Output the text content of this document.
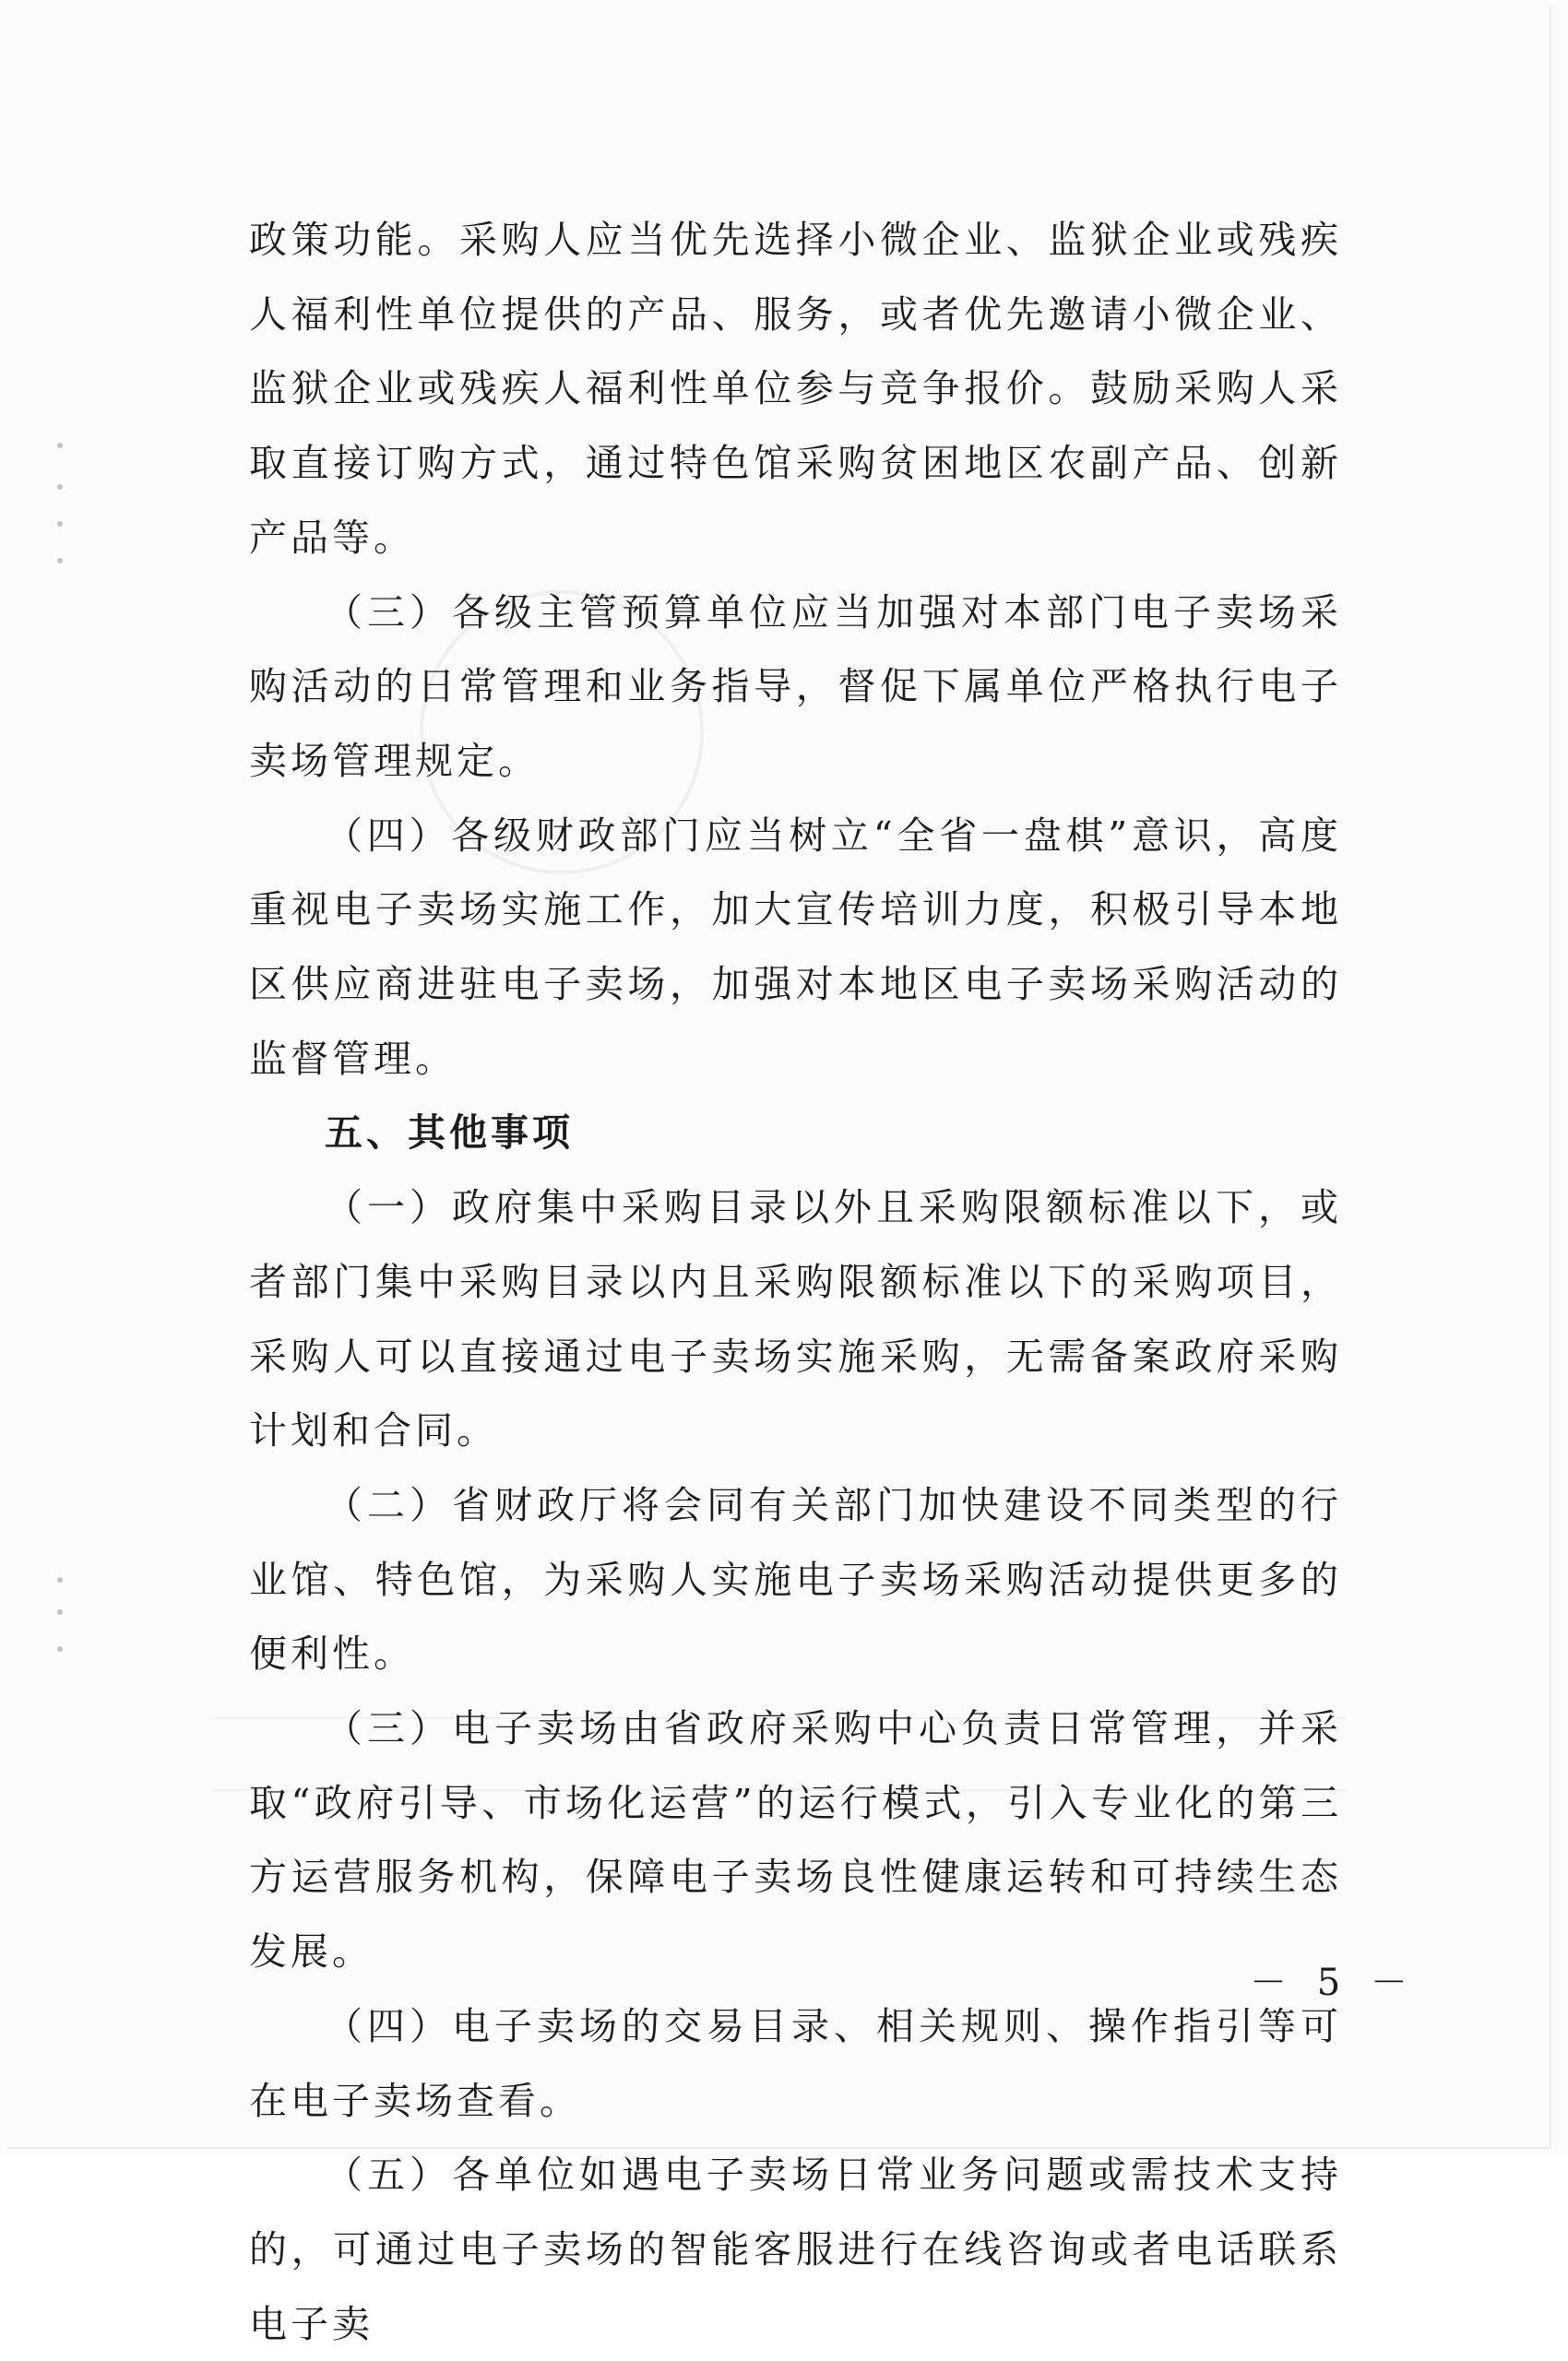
政策功能。采购人应当优先选择小微企业、监狱企业或残疾人福利性单位提供的产品、服务，或者优先邀请小微企业、监狱企业或残疾人福利性单位参与竞争报价。鼓励采购人采取直接订购方式，通过特色馆采购贫困地区农副产品、创新产品等。

（三）各级主管预算单位应当加强对本部门电子卖场采购活动的日常管理和业务指导，督促下属单位严格执行电子卖场管理规定。

（四）各级财政部门应当树立“全省一盘棋”意识，高度重视电子卖场实施工作，加大宣传培训力度，积极引导本地区供应商进驻电子卖场，加强对本地区电子卖场采购活动的监督管理。

五、其他事项

（一）政府集中采购目录以外且采购限额标准以下，或者部门集中采购目录以内且采购限额标准以下的采购项目，采购人可以直接通过电子卖场实施采购，无需备案政府采购计划和合同。

（二）省财政厅将会同有关部门加快建设不同类型的行业馆、特色馆，为采购人实施电子卖场采购活动提供更多的便利性。

（三）电子卖场由省政府采购中心负责日常管理，并采取“政府引导、市场化运营”的运行模式，引入专业化的第三方运营服务机构，保障电子卖场良性健康运转和可持续生态发展。

（四）电子卖场的交易目录、相关规则、操作指引等可在电子卖场查看。

（五）各单位如遇电子卖场日常业务问题或需技术支持的，可通过电子卖场的智能客服进行在线咨询或者电话联系电子卖

－ 5 －
